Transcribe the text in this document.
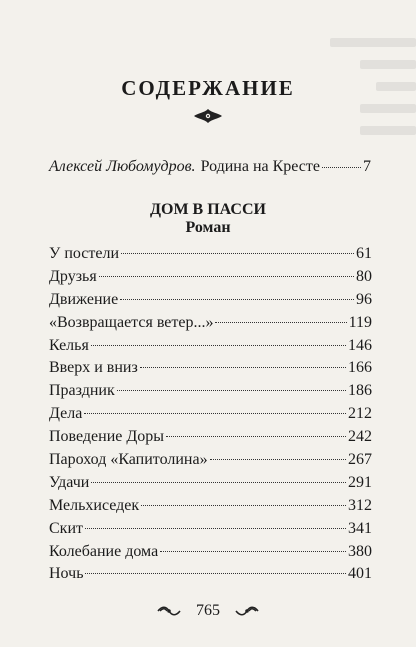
СОДЕРЖАНИЕ
Алексей Любомудров. Родина на Кресте	7
ДОМ В ПАССИ
Роман
У постели	61
Друзья	80
Движение	96
«Возвращается ветер...»	119
Келья	146
Вверх и вниз	166
Праздник	186
Дела	212
Поведение Доры	242
Пароход «Капитолина»	267
Удачи	291
Мельхиседек	312
Скит	341
Колебание дома	380
Ночь	401
765
